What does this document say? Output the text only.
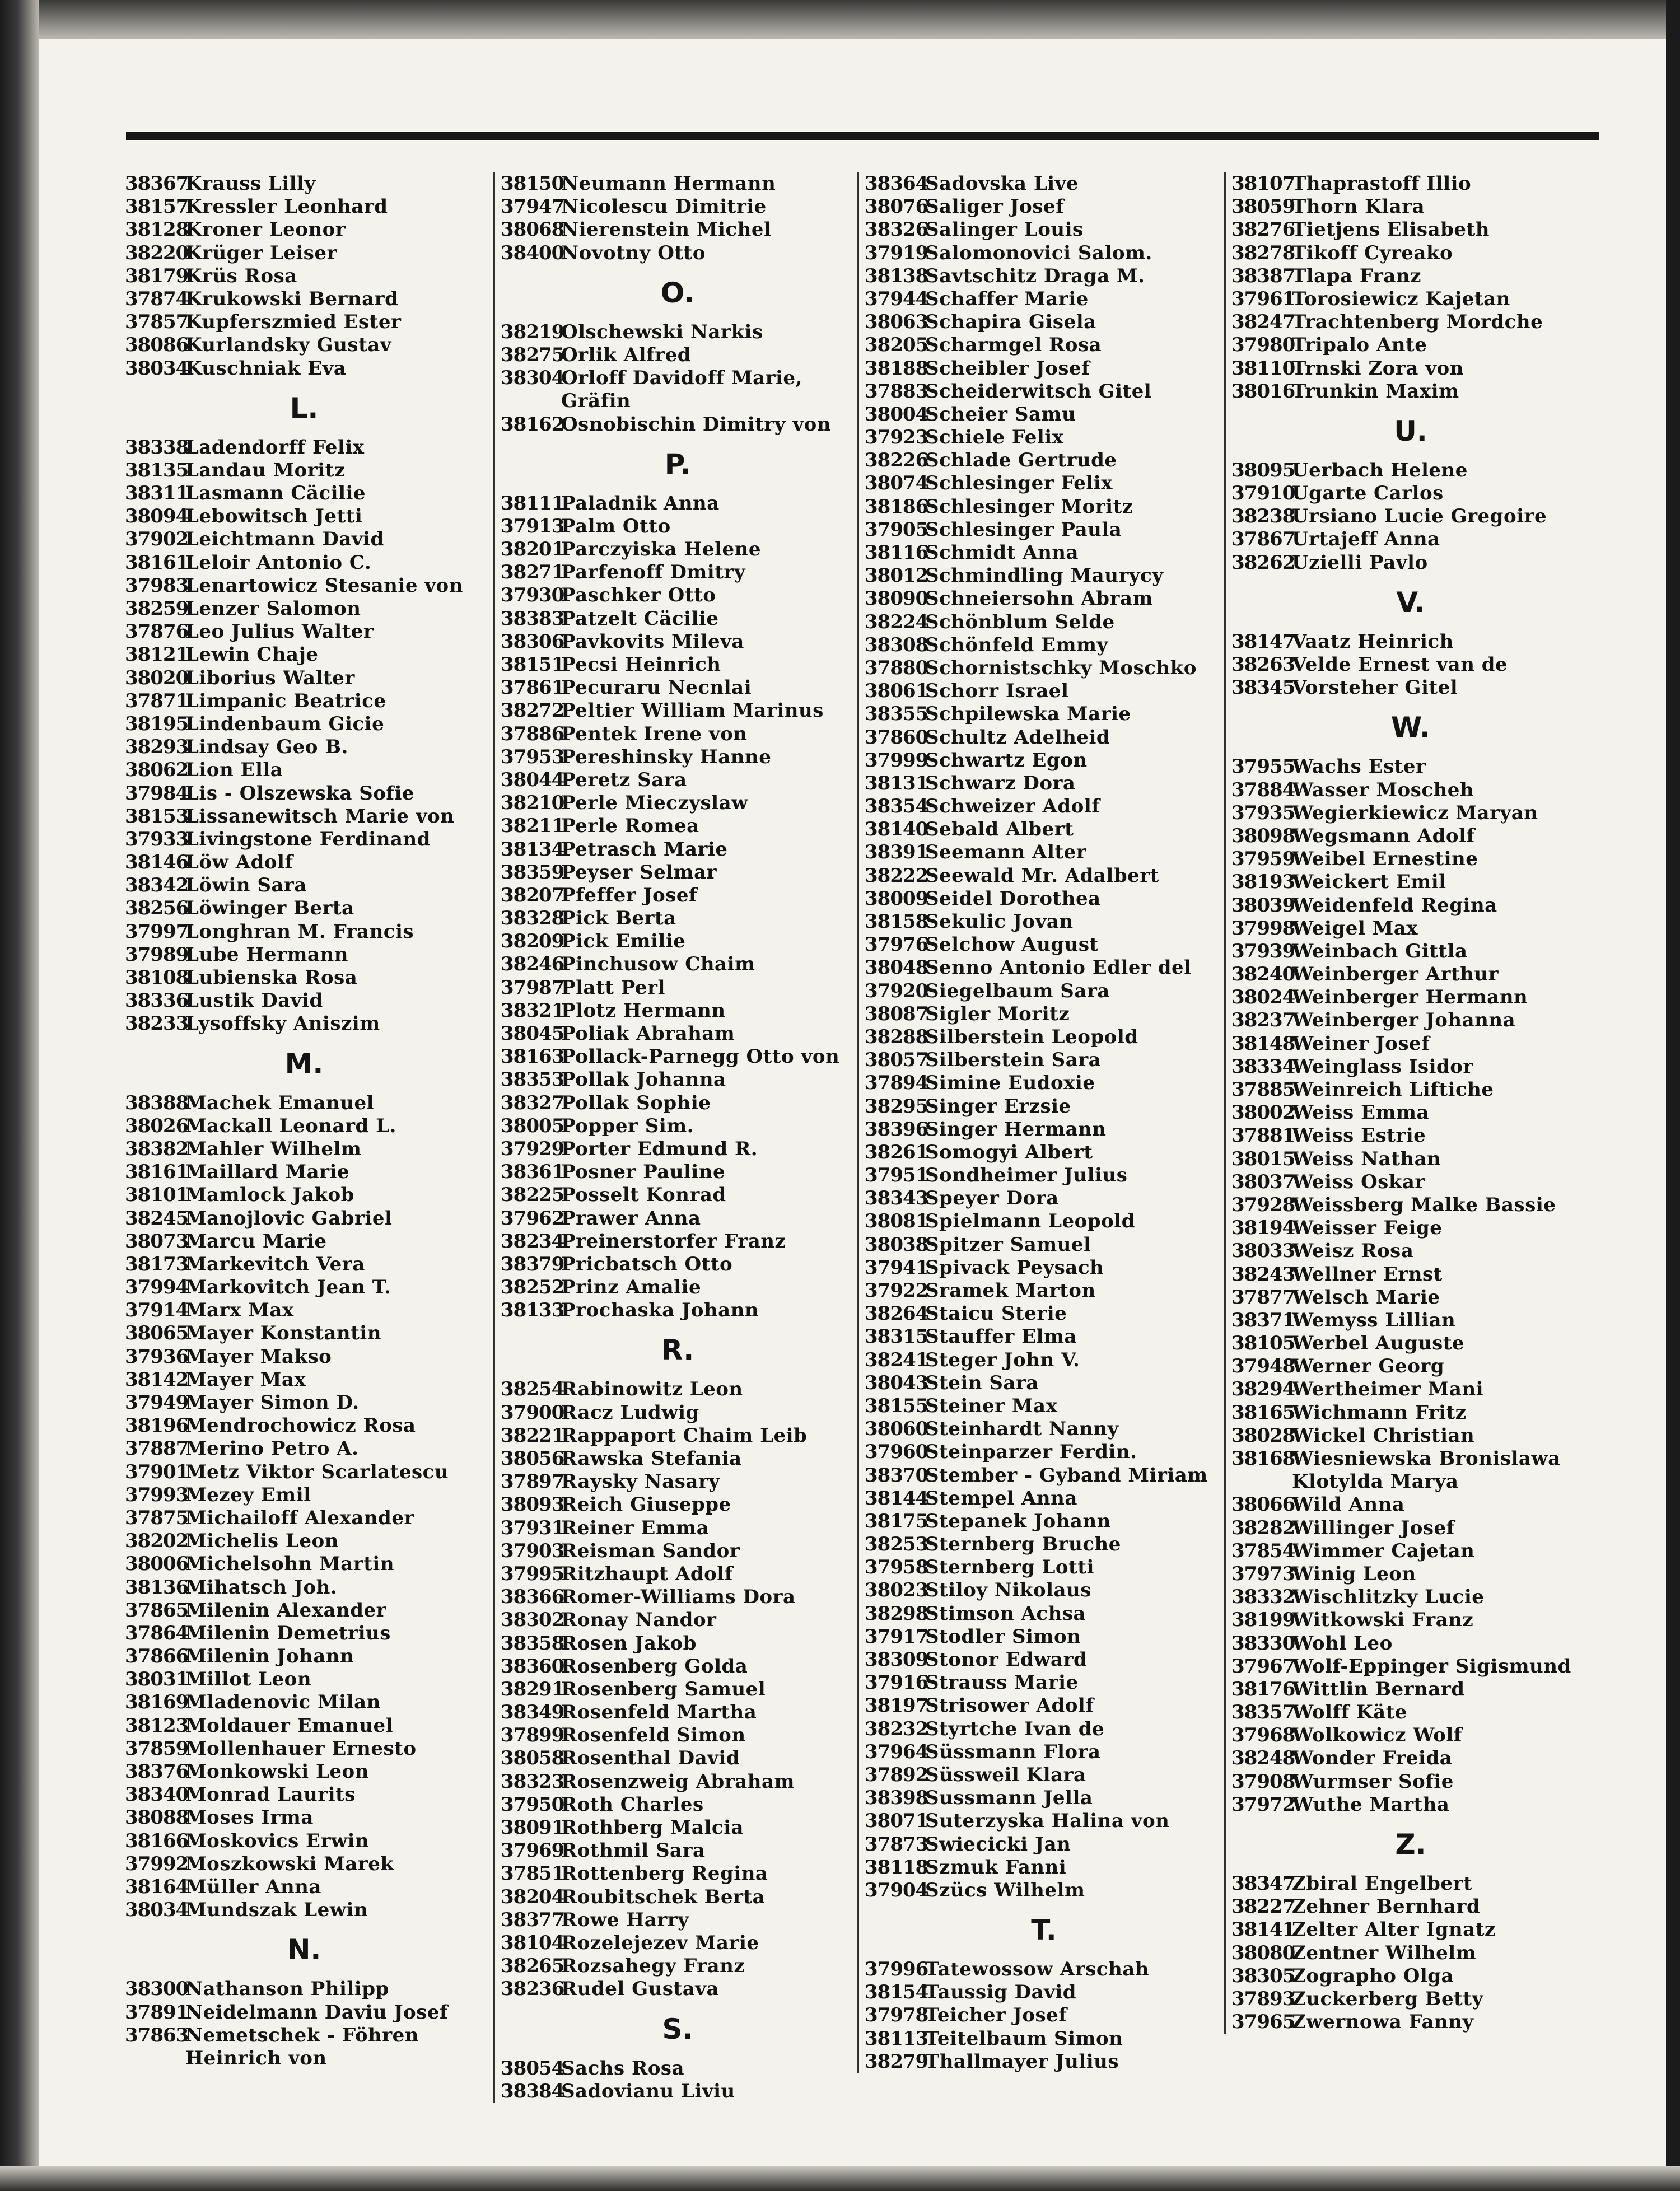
38367
Krauss Lilly
38157
Kressler Leonhard
38128
Kroner Leonor
38220
Krüger Leiser
38179
Krüs Rosa
37874
Krukowski Bernard
37857
Kupferszmied Ester
38086
Kurlandsky Gustav
38034
Kuschniak Eva
L.
38338
Ladendorff Felix
38135
Landau Moritz
38311
Lasmann Cäcilie
38094
Lebowitsch Jetti
37902
Leichtmann David
38161
Leloir Antonio C.
37983
Lenartowicz Stesanie von
38259
Lenzer Salomon
37876
Leo Julius Walter
38121
Lewin Chaje
38020
Liborius Walter
37871
Limpanic Beatrice
38195
Lindenbaum Gicie
38293
Lindsay Geo B.
38062
Lion Ella
37984
Lis - Olszewska Sofie
38153
Lissanewitsch Marie von
37933
Livingstone Ferdinand
38146
Löw Adolf
38342
Löwin Sara
38256
Löwinger Berta
37997
Longhran M. Francis
37989
Lube Hermann
38108
Lubienska Rosa
38336
Lustik David
38233
Lysoffsky Aniszim
M.
38388
Machek Emanuel
38026
Mackall Leonard L.
38382
Mahler Wilhelm
38161
Maillard Marie
38101
Mamlock Jakob
38245
Manojlovic Gabriel
38073
Marcu Marie
38173
Markevitch Vera
37994
Markovitch Jean T.
37914
Marx Max
38065
Mayer Konstantin
37936
Mayer Makso
38142
Mayer Max
37949
Mayer Simon D.
38196
Mendrochowicz Rosa
37887
Merino Petro A.
37901
Metz Viktor Scarlatescu
37993
Mezey Emil
37875
Michailoff Alexander
38202
Michelis Leon
38006
Michelsohn Martin
38136
Mihatsch Joh.
37865
Milenin Alexander
37864
Milenin Demetrius
37866
Milenin Johann
38031
Millot Leon
38169
Mladenovic Milan
38123
Moldauer Emanuel
37859
Mollenhauer Ernesto
38376
Monkowski Leon
38340
Monrad Laurits
38088
Moses Irma
38166
Moskovics Erwin
37992
Moszkowski Marek
38164
Müller Anna
38034
Mundszak Lewin
N.
38300
Nathanson Philipp
37891
Neidelmann Daviu Josef
37863
Nemetschek - Föhren
Heinrich von
38150
Neumann Hermann
37947
Nicolescu Dimitrie
38068
Nierenstein Michel
38400
Novotny Otto
O.
38219
Olschewski Narkis
38275
Orlik Alfred
38304
Orloff Davidoff Marie,
Gräfin
38162
Osnobischin Dimitry von
P.
38111
Paladnik Anna
37913
Palm Otto
38201
Parczyiska Helene
38271
Parfenoff Dmitry
37930
Paschker Otto
38383
Patzelt Cäcilie
38306
Pavkovits Mileva
38151
Pecsi Heinrich
37861
Pecuraru Necnlai
38272
Peltier William Marinus
37886
Pentek Irene von
37953
Pereshinsky Hanne
38044
Peretz Sara
38210
Perle Mieczyslaw
38211
Perle Romea
38134
Petrasch Marie
38359
Peyser Selmar
38207
Pfeffer Josef
38328
Pick Berta
38209
Pick Emilie
38246
Pinchusow Chaim
37987
Platt Perl
38321
Plotz Hermann
38045
Poliak Abraham
38163
Pollack-Parnegg Otto von
38353
Pollak Johanna
38327
Pollak Sophie
38005
Popper Sim.
37929
Porter Edmund R.
38361
Posner Pauline
38225
Posselt Konrad
37962
Prawer Anna
38234
Preinerstorfer Franz
38379
Pricbatsch Otto
38252
Prinz Amalie
38133
Prochaska Johann
R.
38254
Rabinowitz Leon
37900
Racz Ludwig
38221
Rappaport Chaim Leib
38056
Rawska Stefania
37897
Raysky Nasary
38093
Reich Giuseppe
37931
Reiner Emma
37903
Reisman Sandor
37995
Ritzhaupt Adolf
38366
Romer-Williams Dora
38302
Ronay Nandor
38358
Rosen Jakob
38360
Rosenberg Golda
38291
Rosenberg Samuel
38349
Rosenfeld Martha
37899
Rosenfeld Simon
38058
Rosenthal David
38323
Rosenzweig Abraham
37950
Roth Charles
38091
Rothberg Malcia
37969
Rothmil Sara
37851
Rottenberg Regina
38204
Roubitschek Berta
38377
Rowe Harry
38104
Rozelejezev Marie
38265
Rozsahegy Franz
38236
Rudel Gustava
S.
38054
Sachs Rosa
38384
Sadovianu Liviu
38364
Sadovska Live
38076
Saliger Josef
38326
Salinger Louis
37919
Salomonovici Salom.
38138
Savtschitz Draga M.
37944
Schaffer Marie
38063
Schapira Gisela
38205
Scharmgel Rosa
38188
Scheibler Josef
37883
Scheiderwitsch Gitel
38004
Scheier Samu
37923
Schiele Felix
38226
Schlade Gertrude
38074
Schlesinger Felix
38186
Schlesinger Moritz
37905
Schlesinger Paula
38116
Schmidt Anna
38012
Schmindling Maurycy
38090
Schneiersohn Abram
38224
Schönblum Selde
38308
Schönfeld Emmy
37880
Schornistschky Moschko
38061
Schorr Israel
38355
Schpilewska Marie
37860
Schultz Adelheid
37999
Schwartz Egon
38131
Schwarz Dora
38354
Schweizer Adolf
38140
Sebald Albert
38391
Seemann Alter
38222
Seewald Mr. Adalbert
38009
Seidel Dorothea
38158
Sekulic Jovan
37976
Selchow August
38048
Senno Antonio Edler del
37920
Siegelbaum Sara
38087
Sigler Moritz
38288
Silberstein Leopold
38057
Silberstein Sara
37894
Simine Eudoxie
38295
Singer Erzsie
38396
Singer Hermann
38261
Somogyi Albert
37951
Sondheimer Julius
38343
Speyer Dora
38081
Spielmann Leopold
38038
Spitzer Samuel
37941
Spivack Peysach
37922
Sramek Marton
38264
Staicu Sterie
38315
Stauffer Elma
38241
Steger John V.
38043
Stein Sara
38155
Steiner Max
38060
Steinhardt Nanny
37960
Steinparzer Ferdin.
38370
Stember - Gyband Miriam
38144
Stempel Anna
38175
Stepanek Johann
38253
Sternberg Bruche
37958
Sternberg Lotti
38023
Stiloy Nikolaus
38298
Stimson Achsa
37917
Stodler Simon
38309
Stonor Edward
37916
Strauss Marie
38197
Strisower Adolf
38232
Styrtche Ivan de
37964
Süssmann Flora
37892
Süssweil Klara
38398
Sussmann Jella
38071
Suterzyska Halina von
37873
Swiecicki Jan
38118
Szmuk Fanni
37904
Szücs Wilhelm
T.
37996
Tatewossow Arschah
38154
Taussig David
37978
Teicher Josef
38113
Teitelbaum Simon
38279
Thallmayer Julius
38107
Thaprastoff Illio
38059
Thorn Klara
38276
Tietjens Elisabeth
38278
Tikoff Cyreako
38387
Tlapa Franz
37961
Torosiewicz Kajetan
38247
Trachtenberg Mordche
37980
Tripalo Ante
38110
Trnski Zora von
38016
Trunkin Maxim
U.
38095
Uerbach Helene
37910
Ugarte Carlos
38238
Ursiano Lucie Gregoire
37867
Urtajeff Anna
38262
Uzielli Pavlo
V.
38147
Vaatz Heinrich
38263
Velde Ernest van de
38345
Vorsteher Gitel
W.
37955
Wachs Ester
37884
Wasser Moscheh
37935
Wegierkiewicz Maryan
38098
Wegsmann Adolf
37959
Weibel Ernestine
38193
Weickert Emil
38039
Weidenfeld Regina
37998
Weigel Max
37939
Weinbach Gittla
38240
Weinberger Arthur
38024
Weinberger Hermann
38237
Weinberger Johanna
38148
Weiner Josef
38334
Weinglass Isidor
37885
Weinreich Liftiche
38002
Weiss Emma
37881
Weiss Estrie
38015
Weiss Nathan
38037
Weiss Oskar
37928
Weissberg Malke Bassie
38194
Weisser Feige
38033
Weisz Rosa
38243
Wellner Ernst
37877
Welsch Marie
38371
Wemyss Lillian
38105
Werbel Auguste
37948
Werner Georg
38294
Wertheimer Mani
38165
Wichmann Fritz
38028
Wickel Christian
38168
Wiesniewska Bronislawa
Klotylda Marya
38066
Wild Anna
38282
Willinger Josef
37854
Wimmer Cajetan
37973
Winig Leon
38332
Wischlitzky Lucie
38199
Witkowski Franz
38330
Wohl Leo
37967
Wolf-Eppinger Sigismund
38176
Wittlin Bernard
38357
Wolff Käte
37968
Wolkowicz Wolf
38248
Wonder Freida
37908
Wurmser Sofie
37972
Wuthe Martha
Z.
38347
Zbiral Engelbert
38227
Zehner Bernhard
38141
Zelter Alter Ignatz
38080
Zentner Wilhelm
38305
Zographo Olga
37893
Zuckerberg Betty
37965
Zwernowa Fanny
